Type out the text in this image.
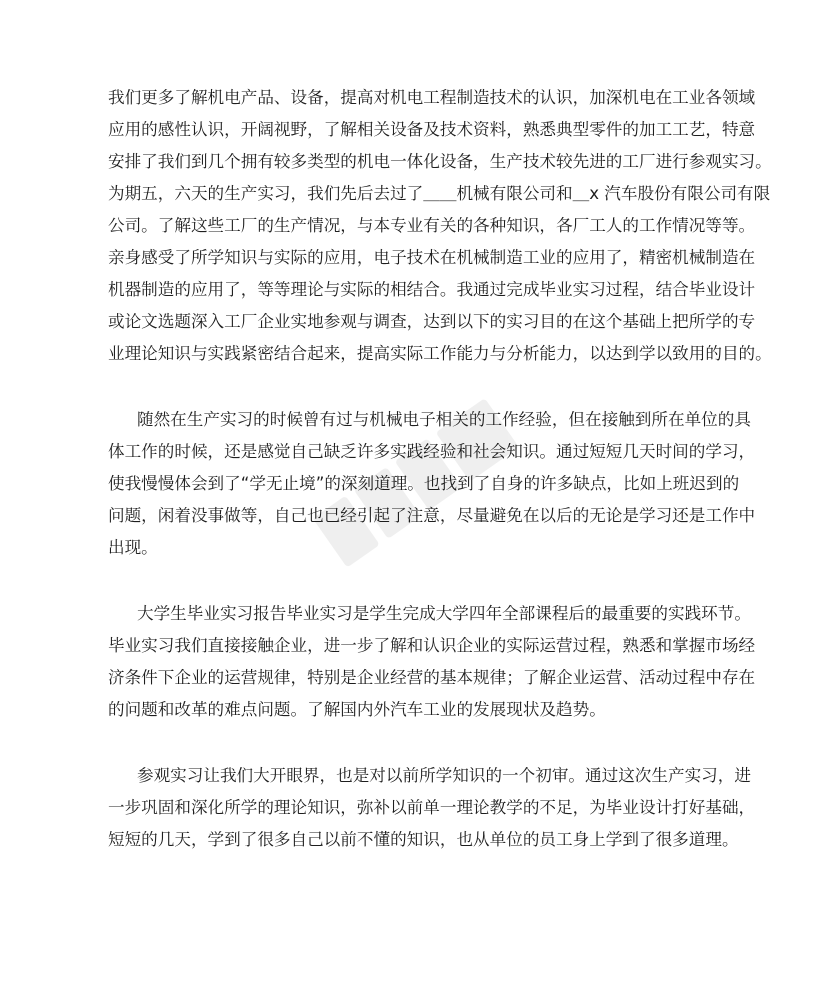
我们更多了解机电产品、设备，提高对机电工程制造技术的认识，加深机电在工业各领域
应用的感性认识，开阔视野，了解相关设备及技术资料，熟悉典型零件的加工工艺，特意
安排了我们到几个拥有较多类型的机电一体化设备，生产技术较先进的工厂进行参观实习。
为期五，六天的生产实习，我们先后去过了＿＿机械有限公司和＿x 汽车股份有限公司有限
公司。了解这些工厂的生产情况，与本专业有关的各种知识，各厂工人的工作情况等等。
亲身感受了所学知识与实际的应用，电子技术在机械制造工业的应用了，精密机械制造在
机器制造的应用了，等等理论与实际的相结合。我通过完成毕业实习过程，结合毕业设计
或论文选题深入工厂企业实地参观与调查，达到以下的实习目的在这个基础上把所学的专
业理论知识与实践紧密结合起来，提高实际工作能力与分析能力，以达到学以致用的目的。
随然在生产实习的时候曾有过与机械电子相关的工作经验，但在接触到所在单位的具
体工作的时候，还是感觉自己缺乏许多实践经验和社会知识。通过短短几天时间的学习，
使我慢慢体会到了“学无止境”的深刻道理。也找到了自身的许多缺点，比如上班迟到的
问题，闲着没事做等，自己也已经引起了注意，尽量避免在以后的无论是学习还是工作中
出现。
大学生毕业实习报告毕业实习是学生完成大学四年全部课程后的最重要的实践环节。
毕业实习我们直接接触企业，进一步了解和认识企业的实际运营过程，熟悉和掌握市场经
济条件下企业的运营规律，特别是企业经营的基本规律；了解企业运营、活动过程中存在
的问题和改革的难点问题。了解国内外汽车工业的发展现状及趋势。
参观实习让我们大开眼界，也是对以前所学知识的一个初审。通过这次生产实习，进
一步巩固和深化所学的理论知识，弥补以前单一理论教学的不足，为毕业设计打好基础，
短短的几天，学到了很多自己以前不懂的知识，也从单位的员工身上学到了很多道理。
